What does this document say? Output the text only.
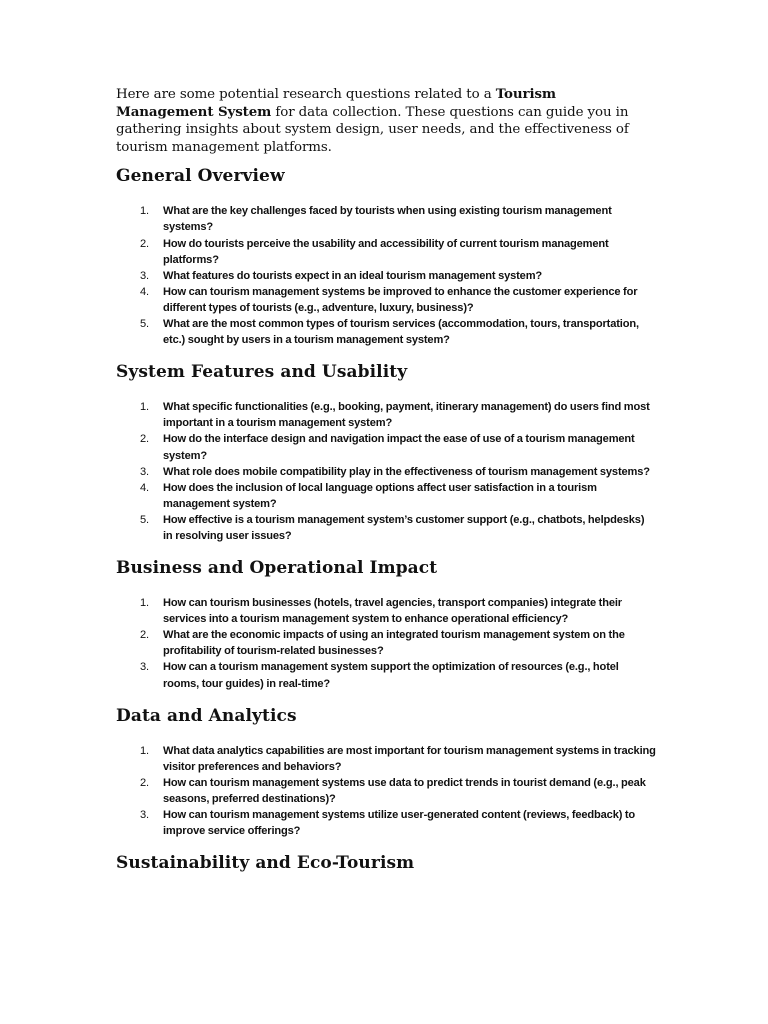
Here are some potential research questions related to a Tourism Management System for data collection. These questions can guide you in gathering insights about system design, user needs, and the effectiveness of tourism management platforms.

General Overview
1. What are the key challenges faced by tourists when using existing tourism management systems?
2. How do tourists perceive the usability and accessibility of current tourism management platforms?
3. What features do tourists expect in an ideal tourism management system?
4. How can tourism management systems be improved to enhance the customer experience for different types of tourists (e.g., adventure, luxury, business)?
5. What are the most common types of tourism services (accommodation, tours, transportation, etc.) sought by users in a tourism management system?
System Features and Usability
1. What specific functionalities (e.g., booking, payment, itinerary management) do users find most important in a tourism management system?
2. How do the interface design and navigation impact the ease of use of a tourism management system?
3. What role does mobile compatibility play in the effectiveness of tourism management systems?
4. How does the inclusion of local language options affect user satisfaction in a tourism management system?
5. How effective is a tourism management system’s customer support (e.g., chatbots, helpdesks) in resolving user issues?
Business and Operational Impact
1. How can tourism businesses (hotels, travel agencies, transport companies) integrate their services into a tourism management system to enhance operational efficiency?
2. What are the economic impacts of using an integrated tourism management system on the profitability of tourism-related businesses?
3. How can a tourism management system support the optimization of resources (e.g., hotel rooms, tour guides) in real-time?
Data and Analytics
1. What data analytics capabilities are most important for tourism management systems in tracking visitor preferences and behaviors?
2. How can tourism management systems use data to predict trends in tourist demand (e.g., peak seasons, preferred destinations)?
3. How can tourism management systems utilize user-generated content (reviews, feedback) to improve service offerings?
Sustainability and Eco-Tourism
